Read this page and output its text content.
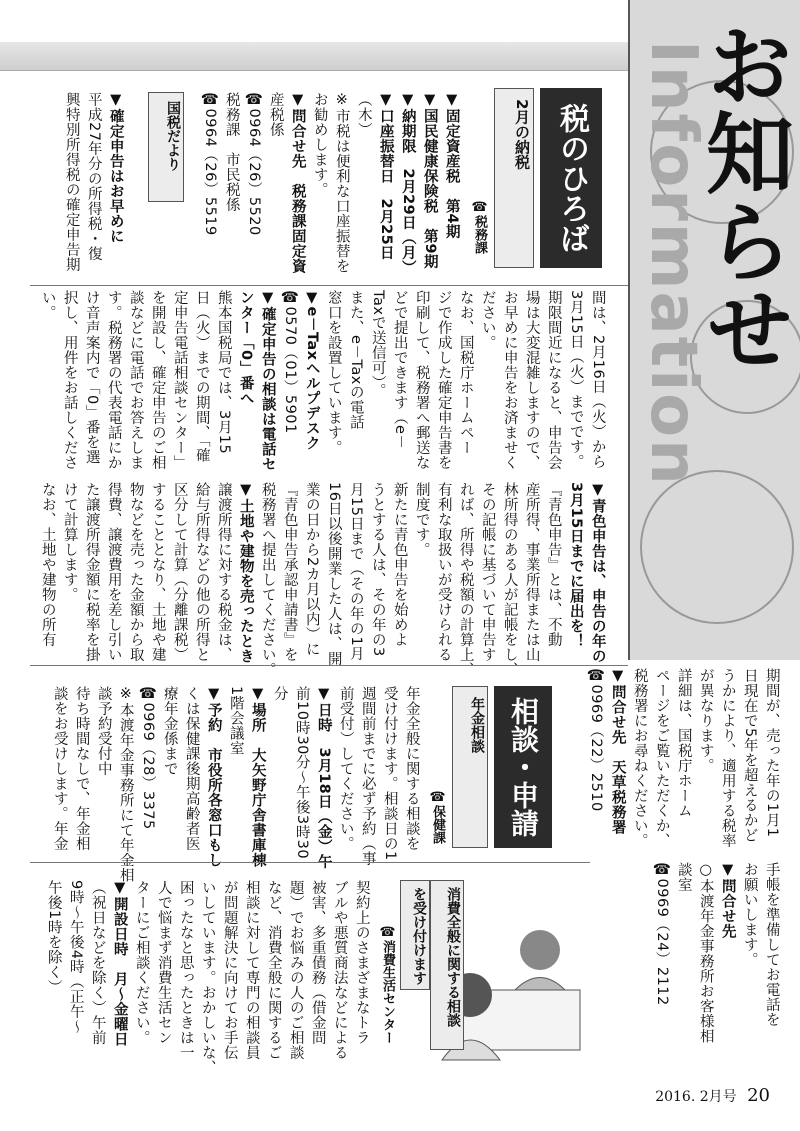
Information
お知らせ
税のひろば
2月の納税
☎税務課
▼固定資産税　第4期
▼国民健康保険税　第9期
▼納期限　2月29日（月）
▼口座振替日　2月25日
（木）
※市税は便利な口座振替を
お勧めします。
▼問合せ先　税務課固定資
産税係
☎0964（26）5520
税務課　市民税係
☎0964（26）5519
国税だより
▼確定申告はお早めに
平成27年分の所得税・復
興特別所得税の確定申告期
間は、2月16日（火）から
3月15日（火）までです。
期限間近になると、申告会
場は大変混雑しますので、
お早めに申告をお済ませく
ださい。
なお、国税庁ホームペー
ジで作成した確定申告書を
印刷して、税務署へ郵送な
どで提出できます（e－
Taxで送信可）。
また、e－Taxの電話
窓口を設置しています。
▼e－Taxヘルプデスク
☎0570（01）5901
▼確定申告の相談は電話セ
ンター「0」番へ
熊本国税局では、3月15
日（火）までの期間、「確
定申告電話相談センター」
を開設し、確定申告のご相
談などに電話でお答えしま
す。税務署の代表電話にか
け音声案内で「0」番を選
択し、用件をお話しくださ
い。
▼青色申告は、申告の年の
3月15日までに届出を！
『青色申告』とは、不動
産所得、事業所得または山
林所得のある人が記帳をし、
その記帳に基づいて申告す
れば、所得や税額の計算上、
有利な取扱いが受けられる
制度です。
新たに青色申告を始めよ
うとする人は、その年の3
月15日まで（その年の1月
16日以後開業した人は、開
業の日から2カ月以内）に
『青色申告承認申請書』を
税務署へ提出してください。
▼土地や建物を売ったとき
譲渡所得に対する税金は、
給与所得などの他の所得と
区分して計算（分離課税）
することとなり、土地や建
物などを売った金額から取
得費、譲渡費用を差し引い
た譲渡所得金額に税率を掛
けて計算します。
なお、土地や建物の所有
期間が、売った年の1月1
日現在で5年を超えるかど
うかにより、適用する税率
が異なります。
詳細は、国税庁ホーム
ページをご覧いただくか、
税務署にお尋ねください。
▼問合せ先　天草税務署
☎0969（22）2510
相談・申請
年金相談
☎保健課
年金全般に関する相談を
受け付けます。相談日の1
週間前までに必ず予約（事
前受付）してください。
▼日時　3月18日（金）午
前10時30分～午後3時30
分
▼場所　大矢野庁舎書庫棟
1階会議室
▼予約　市役所各窓口もし
くは保健課後期高齢者医
療年金係まで
☎0969（28）3375
※本渡年金事務所にて年金相
談予約受付中
待ち時間なしで、年金相
談をお受けします。年金
手帳を準備してお電話を
お願いします。
▼問合せ先
○本渡年金事務所お客様相
談室
☎0969（24）2112
消費全般に関する相談
を受け付けます
☎消費生活センター
契約上のさまざまなトラ
ブルや悪質商法などによる
被害、多重債務（借金問
題）でお悩みの人のご相談
など、消費全般に関するご
相談に対して専門の相談員
が問題解決に向けてお手伝
いしています。おかしいな、
困ったなと思ったときは一
人で悩まず消費生活セン
ターにご相談ください。
▼開設日時　月～金曜日
（祝日などを除く）午前
9時～午後4時（正午～
午後1時を除く）
2016. 2月号 20
